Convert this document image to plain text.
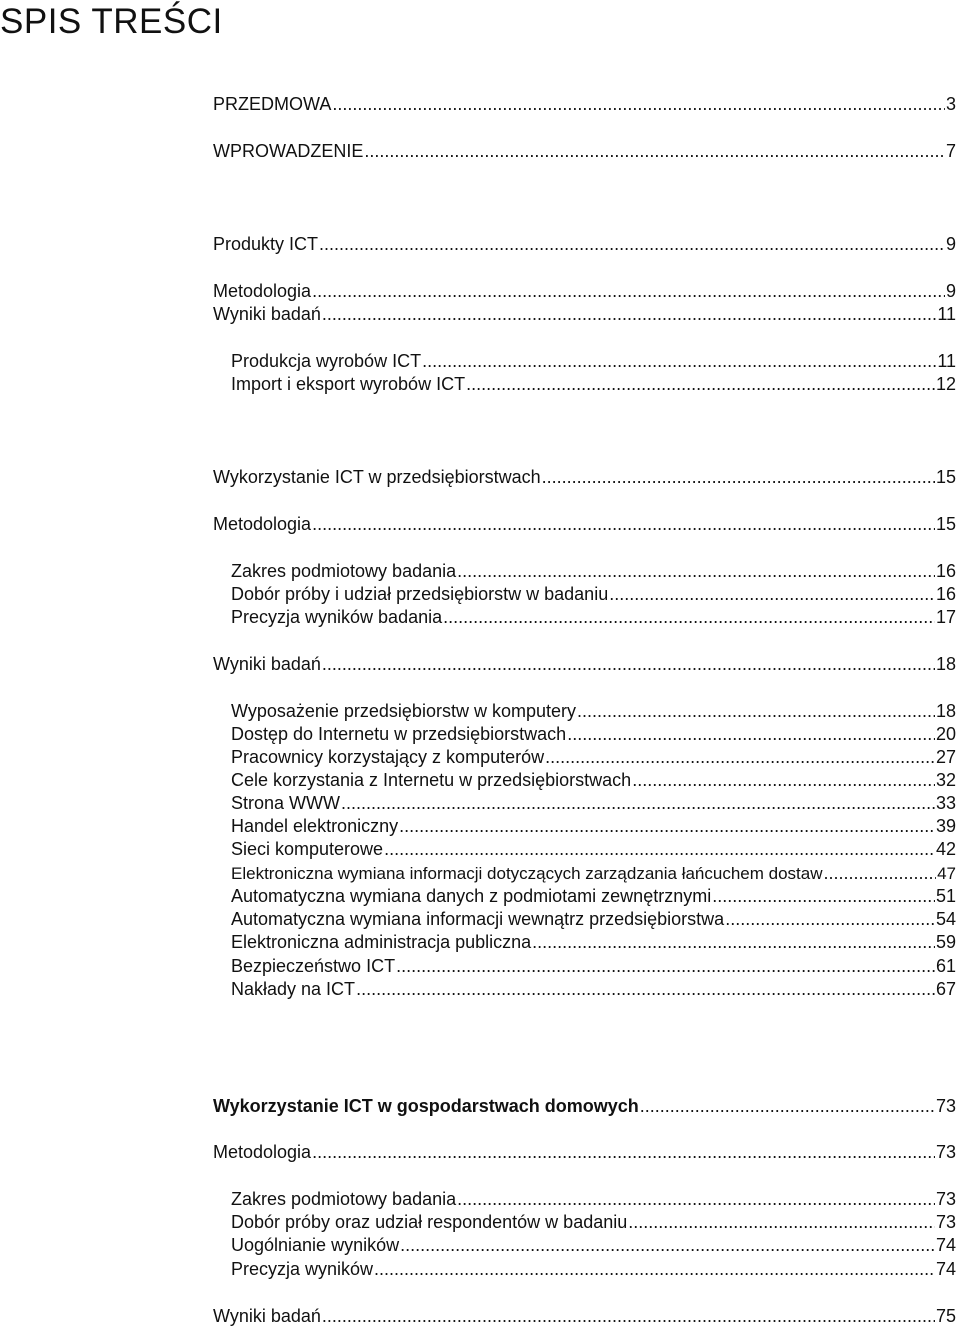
SPIS TREŚCI
PRZEDMOWA .....	3
WPROWADZENIE .....	7
Produkty ICT .....	9
Metodologia .....	9
Wyniki badań .....	11
Produkcja wyrobów ICT .....	11
Import i eksport wyrobów ICT .....	12
Wykorzystanie ICT w przedsiębiorstwach .....	15
Metodologia .....	15
Zakres podmiotowy badania .....	16
Dobór próby i udział przedsiębiorstw w badaniu .....	16
Precyzja wyników badania .....	17
Wyniki badań .....	18
Wyposażenie przedsiębiorstw w komputery .....	18
Dostęp do Internetu w przedsiębiorstwach .....	20
Pracownicy korzystający z komputerów .....	27
Cele korzystania z Internetu w przedsiębiorstwach .....	32
Strona WWW .....	33
Handel elektroniczny .....	39
Sieci komputerowe .....	42
Elektroniczna wymiana informacji dotyczących zarządzania łańcuchem dostaw .....	47
Automatyczna wymiana danych z podmiotami zewnętrznymi .....	51
Automatyczna wymiana informacji wewnątrz przedsiębiorstwa .....	54
Elektroniczna administracja publiczna .....	59
Bezpieczeństwo ICT .....	61
Nakłady na ICT .....	67
Wykorzystanie ICT w gospodarstwach domowych .....	73
Metodologia .....	73
Zakres podmiotowy badania .....	73
Dobór próby oraz udział respondentów w badaniu .....	73
Uogólnianie wyników .....	74
Precyzja wyników .....	74
Wyniki badań .....	75
